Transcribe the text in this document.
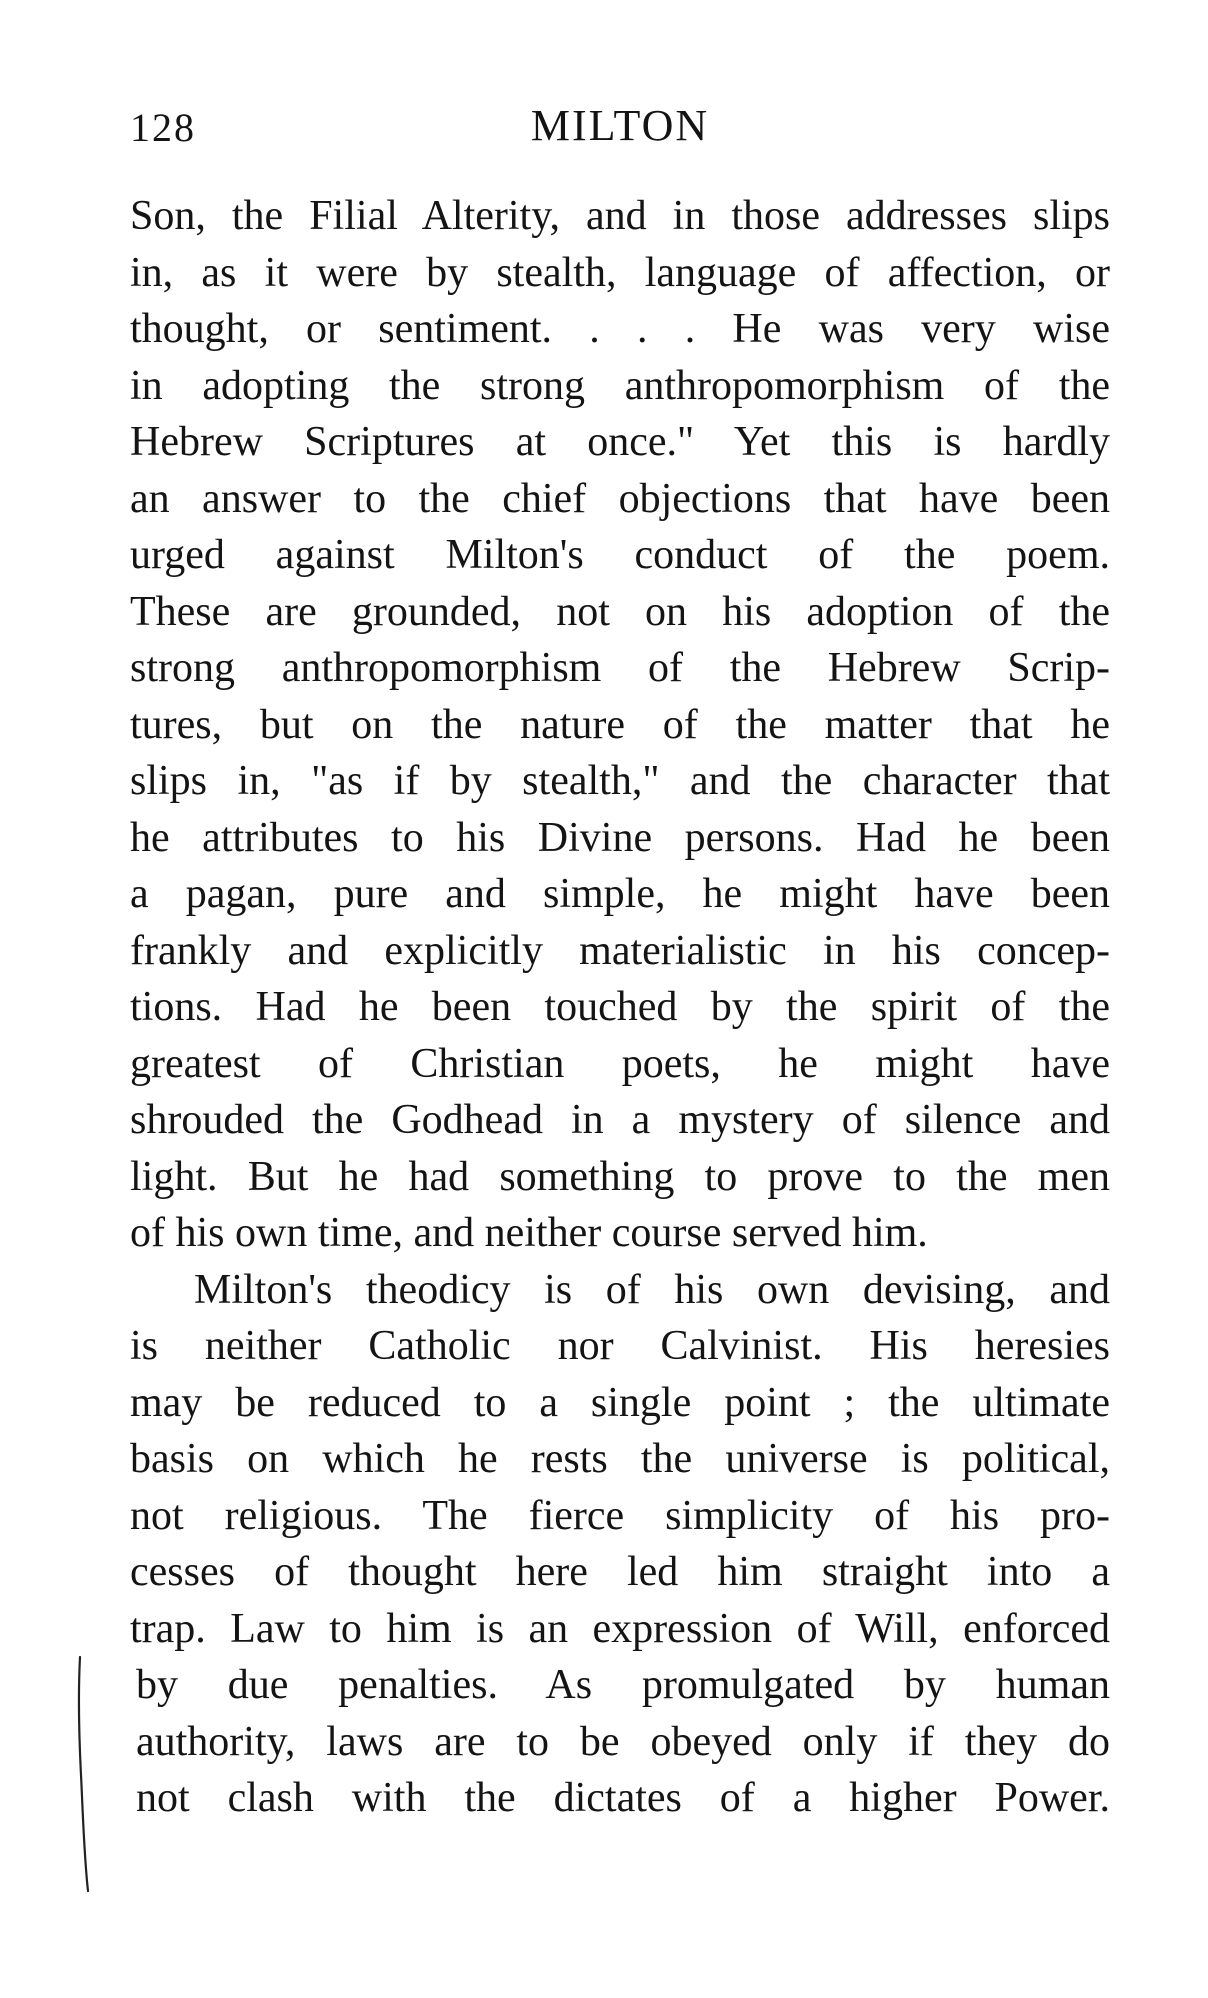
128	MILTON
Son, the Filial Alterity, and in those addresses slips
in, as it were by stealth, language of affection, or
thought, or sentiment. . . . He was very wise
in adopting the strong anthropomorphism of the
Hebrew Scriptures at once." Yet this is hardly
an answer to the chief objections that have been
urged against Milton's conduct of the poem.
These are grounded, not on his adoption of the
strong anthropomorphism of the Hebrew Scrip-
tures, but on the nature of the matter that he
slips in, "as if by stealth," and the character that
he attributes to his Divine persons. Had he been
a pagan, pure and simple, he might have been
frankly and explicitly materialistic in his concep-
tions. Had he been touched by the spirit of the
greatest of Christian poets, he might have
shrouded the Godhead in a mystery of silence and
light. But he had something to prove to the men
of his own time, and neither course served him.
Milton's theodicy is of his own devising, and
is neither Catholic nor Calvinist. His heresies
may be reduced to a single point ; the ultimate
basis on which he rests the universe is political,
not religious. The fierce simplicity of his pro-
cesses of thought here led him straight into a
trap. Law to him is an expression of Will, enforced
by due penalties. As promulgated by human
authority, laws are to be obeyed only if they do
not clash with the dictates of a higher Power.
